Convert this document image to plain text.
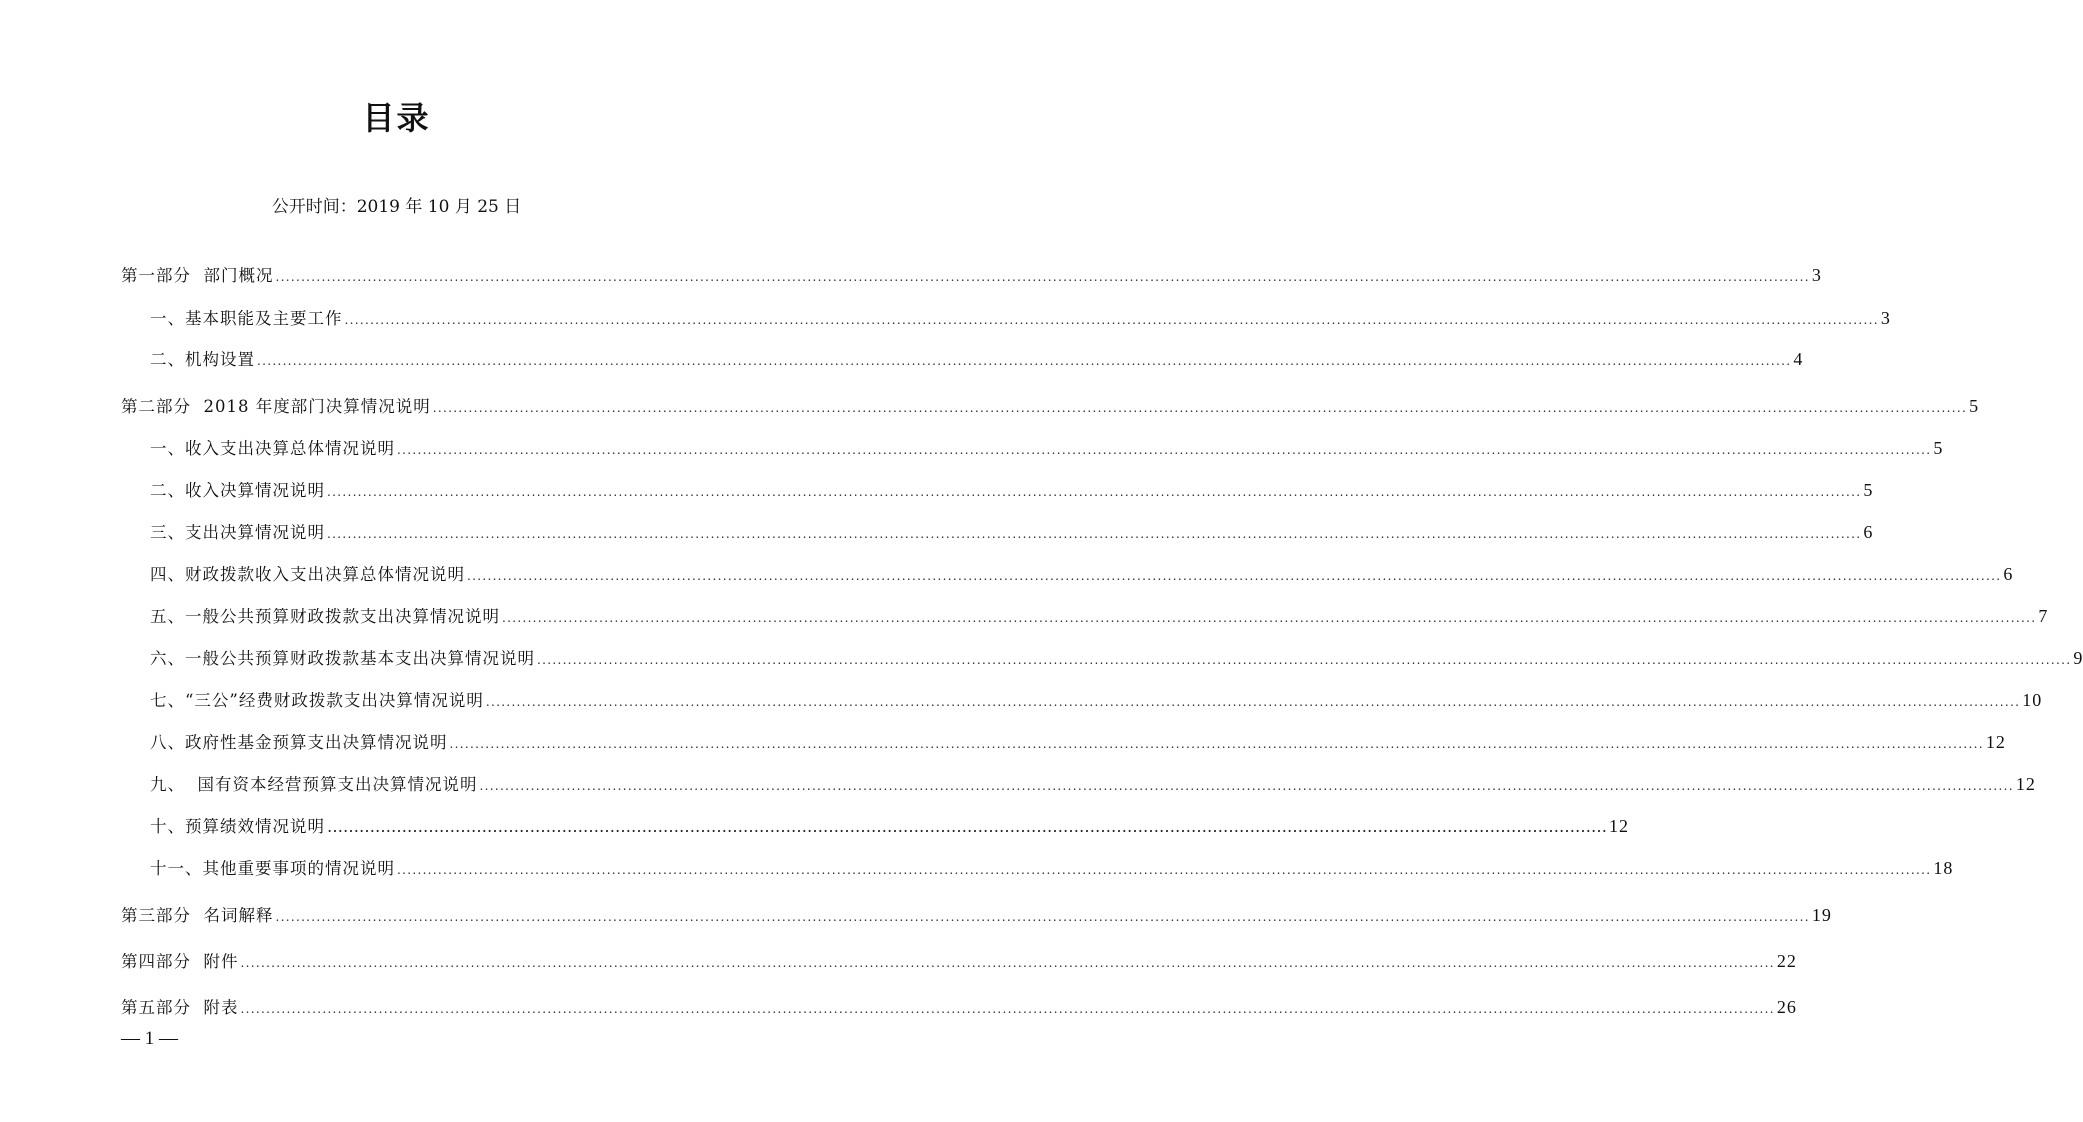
目录
公开时间：2019 年 10 月 25 日
第一部分  部门概况 ............................................................................................................................................................................................................................................................................................................ 3
一、基本职能及主要工作 ............................................................................................................................................................................................................................................................................................................ 3
二、机构设置 ............................................................................................................................................................................................................................................................................................................ 4
第二部分  2018 年度部门决算情况说明 ............................................................................................................................................................................................................................................................................................................ 5
一、收入支出决算总体情况说明 ............................................................................................................................................................................................................................................................................................................ 5
二、收入决算情况说明 ............................................................................................................................................................................................................................................................................................................ 5
三、支出决算情况说明 ............................................................................................................................................................................................................................................................................................................ 6
四、财政拨款收入支出决算总体情况说明 ............................................................................................................................................................................................................................................................................................................ 6
五、一般公共预算财政拨款支出决算情况说明 ............................................................................................................................................................................................................................................................................................................ 7
六、一般公共预算财政拨款基本支出决算情况说明 ............................................................................................................................................................................................................................................................................................................ 9
七、“三公”经费财政拨款支出决算情况说明 ............................................................................................................................................................................................................................................................................................................ 10
八、政府性基金预算支出决算情况说明 ............................................................................................................................................................................................................................................................................................................ 12
九、  国有资本经营预算支出决算情况说明 ............................................................................................................................................................................................................................................................................................................ 12
十、预算绩效情况说明 …………………………………………………………………………………………………………………………………………………………………………………………………………………… 12
十一、其他重要事项的情况说明 ............................................................................................................................................................................................................................................................................................................ 18
第三部分  名词解释 ............................................................................................................................................................................................................................................................................................................ 19
第四部分  附件 ............................................................................................................................................................................................................................................................................................................ 22
第五部分  附表 ............................................................................................................................................................................................................................................................................................................ 26
— 1 —
